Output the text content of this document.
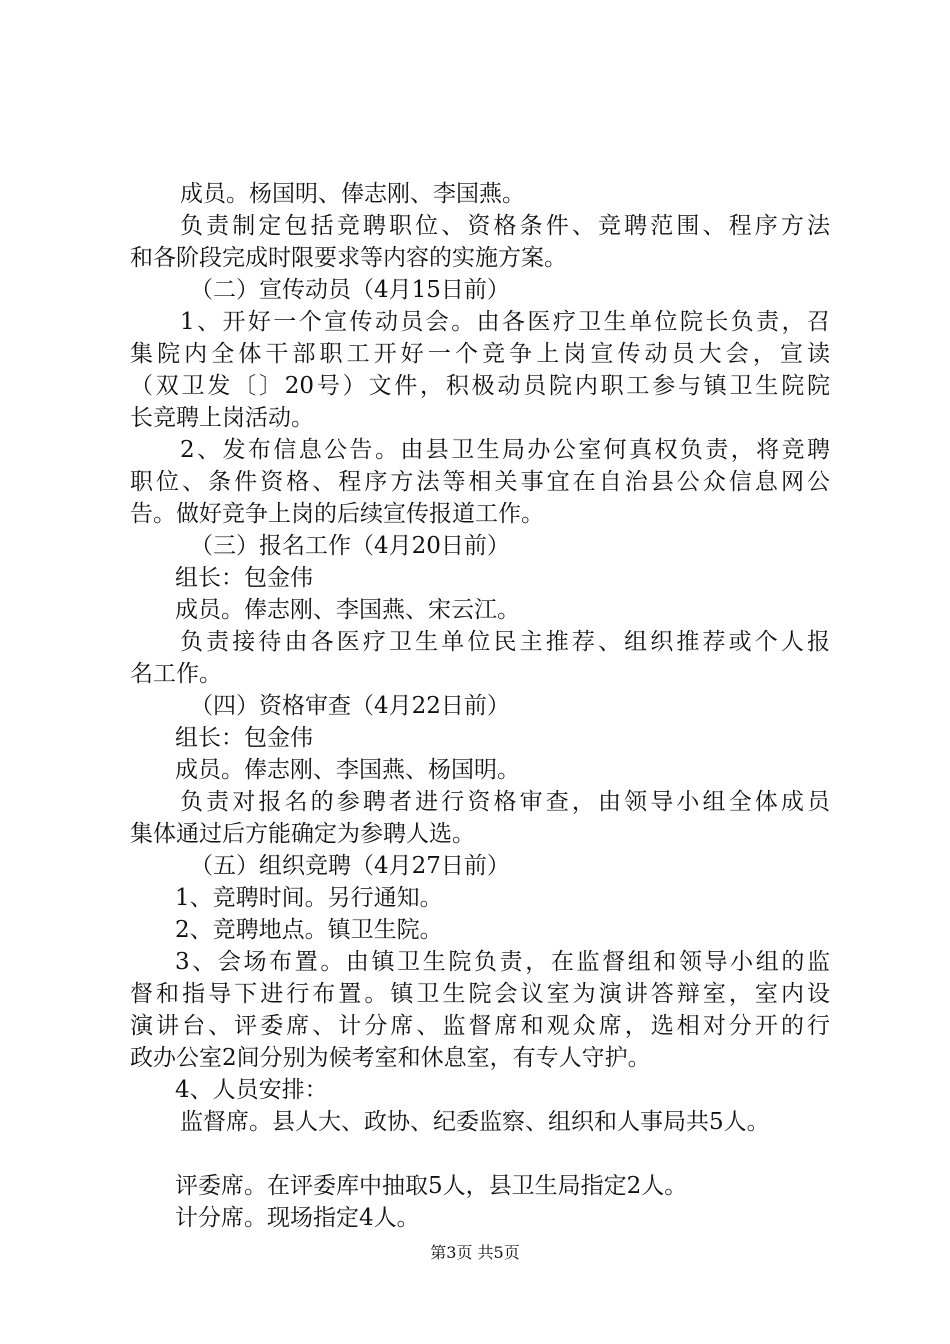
成员。杨国明、俸志刚、李国燕。
负责制定包括竞聘职位、资格条件、竞聘范围、程序方法
和各阶段完成时限要求等内容的实施方案。
（二）宣传动员（4月15日前）
1、开好一个宣传动员会。由各医疗卫生单位院长负责，召
集院内全体干部职工开好一个竞争上岗宣传动员大会，宣读
（双卫发〔〕20号）文件，积极动员院内职工参与镇卫生院院
长竞聘上岗活动。
2、发布信息公告。由县卫生局办公室何真权负责，将竞聘
职位、条件资格、程序方法等相关事宜在自治县公众信息网公
告。做好竞争上岗的后续宣传报道工作。
（三）报名工作（4月20日前）
组长：包金伟
成员。俸志刚、李国燕、宋云江。
负责接待由各医疗卫生单位民主推荐、组织推荐或个人报
名工作。
（四）资格审查（4月22日前）
组长：包金伟
成员。俸志刚、李国燕、杨国明。
负责对报名的参聘者进行资格审查，由领导小组全体成员
集体通过后方能确定为参聘人选。
（五）组织竞聘（4月27日前）
1、竞聘时间。另行通知。
2、竞聘地点。镇卫生院。
3、会场布置。由镇卫生院负责，在监督组和领导小组的监
督和指导下进行布置。镇卫生院会议室为演讲答辩室，室内设
演讲台、评委席、计分席、监督席和观众席，选相对分开的行
政办公室2间分别为候考室和休息室，有专人守护。
4、人员安排：
监督席。县人大、政协、纪委监察、组织和人事局共5人。
评委席。在评委库中抽取5人，县卫生局指定2人。
计分席。现场指定4人。
第3页 共5页
